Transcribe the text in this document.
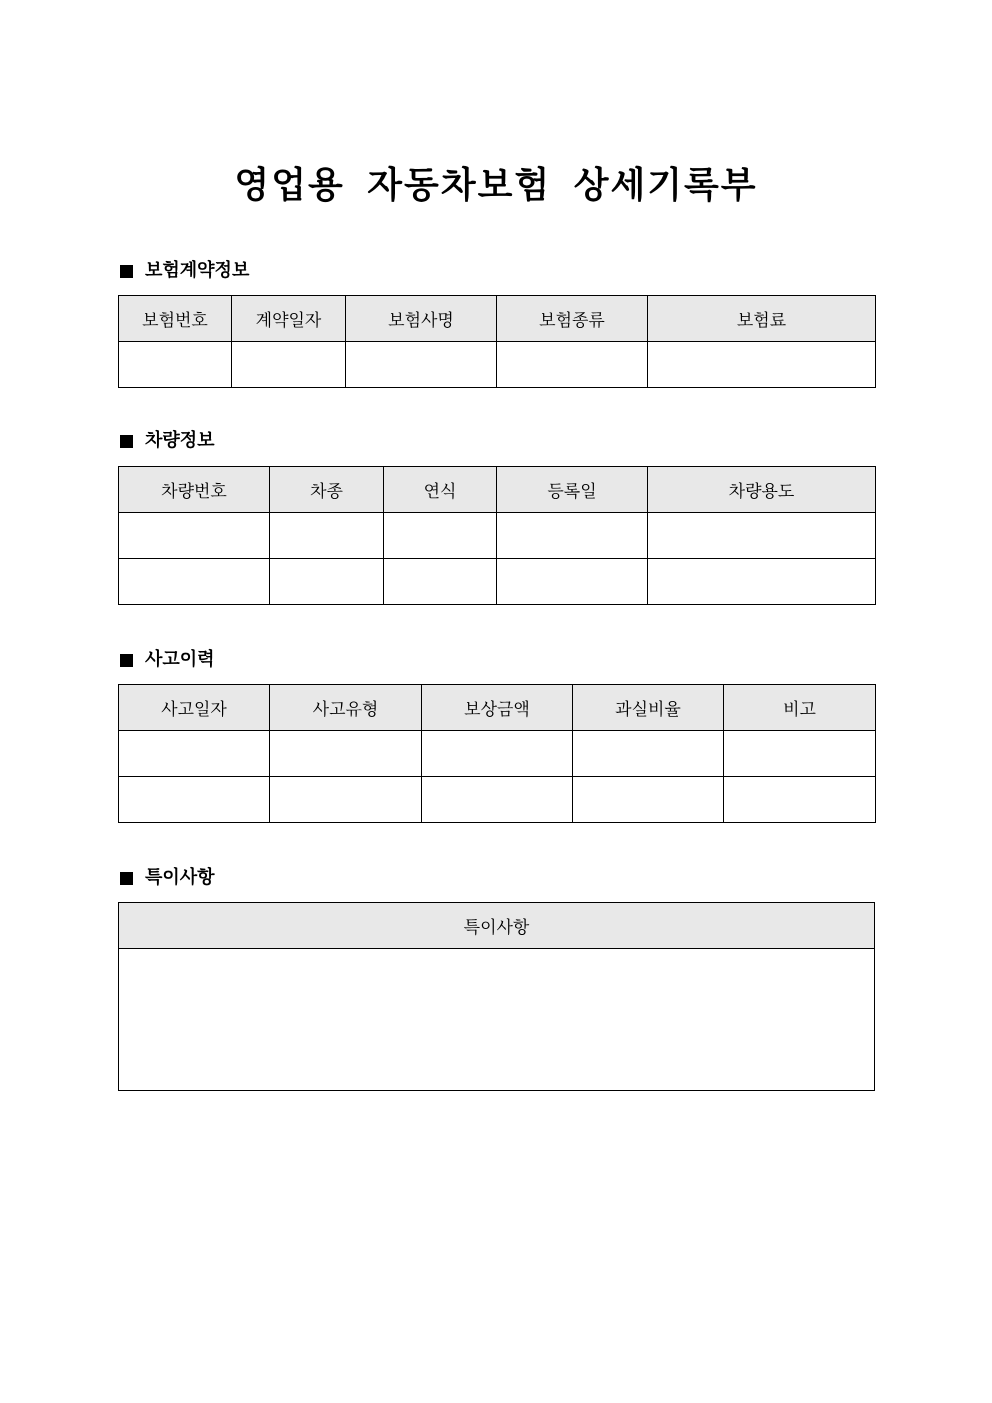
영업용 자동차보험 상세기록부
보험계약정보
보험번호	계약일자	보험사명	보험종류	보험료

차량정보
차량번호	차종	연식	등록일	차량용도

사고이력
사고일자	사고유형	보상금액	과실비율	비고

특이사항
특이사항
